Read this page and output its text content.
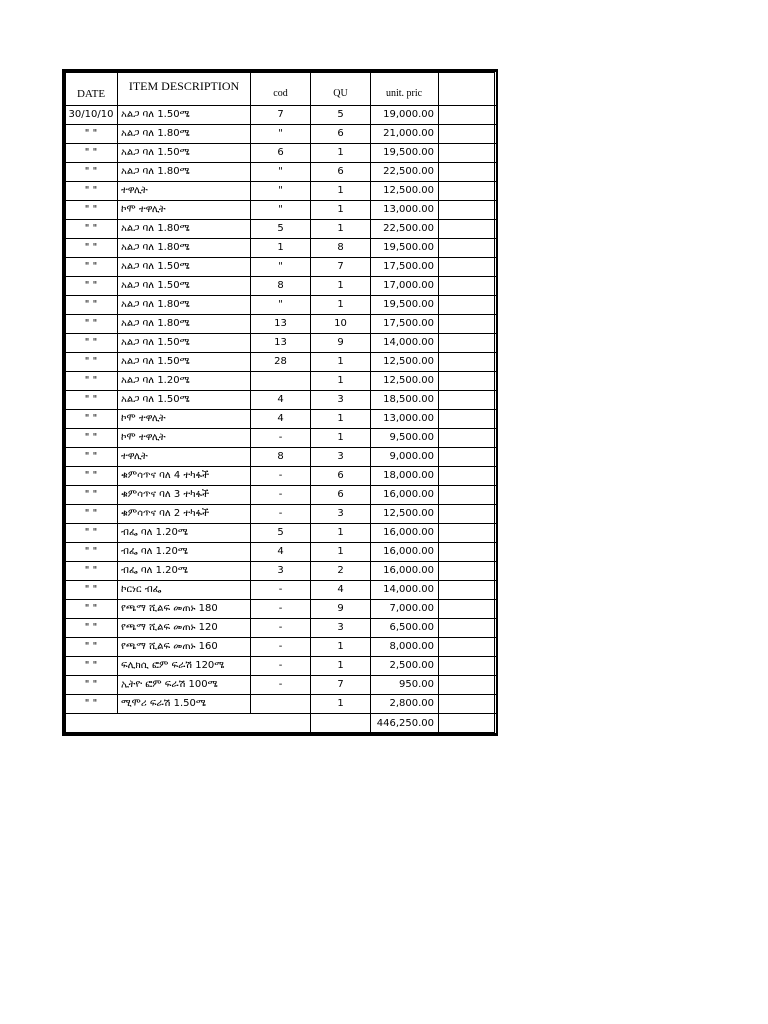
DATE	ITEM DESCRIPTION	cod	QU	unit. pric	
30/10/10	አልጋ ባለ 1.50ሜ	7	5	19,000.00	
" "	አልጋ ባለ 1.80ሜ	"	6	21,000.00	
" "	አልጋ ባለ 1.50ሜ	6	1	19,500.00	
" "	አልጋ ባለ 1.80ሜ	"	6	22,500.00	
" "	ተዋሊት	"	1	12,500.00	
" "	ኮሞ ተዋሊት	"	1	13,000.00	
" "	አልጋ ባለ 1.80ሜ	5	1	22,500.00	
" "	አልጋ ባለ 1.80ሜ	1	8	19,500.00	
" "	አልጋ ባለ 1.50ሜ	"	7	17,500.00	
" "	አልጋ ባለ 1.50ሜ	8	1	17,000.00	
" "	አልጋ ባለ 1.80ሜ	"	1	19,500.00	
" "	አልጋ ባለ 1.80ሜ	13	10	17,500.00	
" "	አልጋ ባለ 1.50ሜ	13	9	14,000.00	
" "	አልጋ ባለ 1.50ሜ	28	1	12,500.00	
" "	አልጋ ባለ 1.20ሜ		1	12,500.00	
" "	አልጋ ባለ 1.50ሜ	4	3	18,500.00	
" "	ኮሞ ተዋሊት	4	1	13,000.00	
" "	ኮሞ ተዋሊት	-	1	9,500.00	
" "	ተዋሊት	8	3	9,000.00	
" "	ቁምሳጥና ባለ 4 ተካፋች	-	6	18,000.00	
" "	ቁምሳጥና ባለ 3 ተካፋች	-	6	16,000.00	
" "	ቁምሳጥና ባለ 2 ተካፋች	-	3	12,500.00	
" "	ብፌ ባለ 1.20ሜ	5	1	16,000.00	
" "	ብፌ ባለ 1.20ሜ	4	1	16,000.00	
" "	ብፌ ባለ 1.20ሜ	3	2	16,000.00	
" "	ኮርነር ብፌ	-	4	14,000.00	
" "	የጫማ ሺልፍ መጠኑ 180	-	9	7,000.00	
" "	የጫማ ሺልፍ መጠኑ 120	-	3	6,500.00	
" "	የጫማ ሺልፍ መጠኑ 160	-	1	8,000.00	
" "	ፍሊክሲ ፎም ፍራሽ 120ሜ	-	1	2,500.00	
" "	ኢትዮ ፎም ፍራሽ 100ሜ	-	7	950.00	
" "	ሚሞሪ ፍራሽ 1.50ሜ		1	2,800.00	
				446,250.00	
